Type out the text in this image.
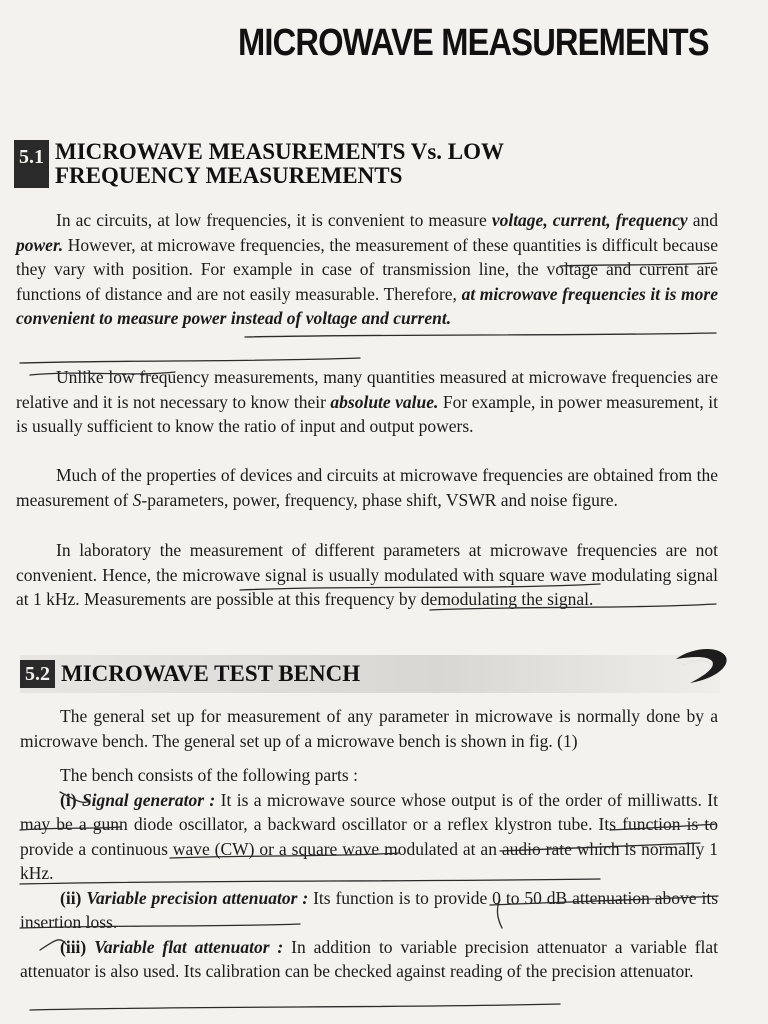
MICROWAVE MEASUREMENTS
5.1 MICROWAVE MEASUREMENTS Vs. LOW
FREQUENCY MEASUREMENTS

In ac circuits, at low frequencies, it is convenient to measure voltage, current, frequency and power. However, at microwave frequencies, the measurement of these quantities is difficult because they vary with position. For example in case of transmission line, the voltage and current are functions of distance and are not easily measurable. Therefore, at microwave frequencies it is more convenient to measure power instead of voltage and current.

Unlike low frequency measurements, many quantities measured at microwave frequencies are relative and it is not necessary to know their absolute value. For example, in power measurement, it is usually sufficient to know the ratio of input and output powers.

Much of the properties of devices and circuits at microwave frequencies are obtained from the measurement of S-parameters, power, frequency, phase shift, VSWR and noise figure.

In laboratory the measurement of different parameters at microwave frequencies are not convenient. Hence, the microwave signal is usually modulated with square wave modulating signal at 1 kHz. Measurements are possible at this frequency by demodulating the signal.

5.2 MICROWAVE TEST BENCH

The general set up for measurement of any parameter in microwave is normally done by a microwave bench. The general set up of a microwave bench is shown in fig. (1)

The bench consists of the following parts :

(i) Signal generator : It is a microwave source whose output is of the order of milliwatts. It may be a gunn diode oscillator, a backward oscillator or a reflex klystron tube. Its function is to provide a continuous wave (CW) or a square wave modulated at an audio rate which is normally 1 kHz.

(ii) Variable precision attenuator : Its function is to provide 0 to 50 dB attenuation above its insertion loss.

(iii) Variable flat attenuator : In addition to variable precision attenuator a variable flat attenuator is also used. Its calibration can be checked against reading of the precision attenuator.
